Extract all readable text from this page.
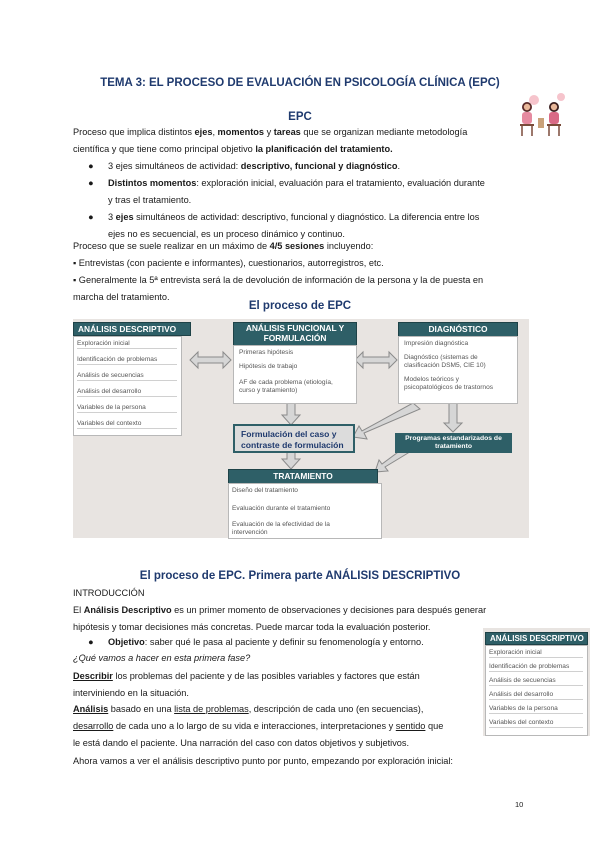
TEMA 3: EL PROCESO DE EVALUACIÓN EN PSICOLOGÍA CLÍNICA (EPC)
EPC
Proceso que implica distintos ejes, momentos y tareas que se organizan mediante metodología
científica y que tiene como principal objetivo la planificación del tratamiento.
● 3 ejes simultáneos de actividad: descriptivo, funcional y diagnóstico.
● Distintos momentos: exploración inicial, evaluación para el tratamiento, evaluación durante
y tras el tratamiento.
● 3 ejes simultáneos de actividad: descriptivo, funcional y diagnóstico. La diferencia entre los
ejes no es secuencial, es un proceso dinámico y continuo.
Proceso que se suele realizar en un máximo de 4/5 sesiones incluyendo:
▪ Entrevistas (con paciente e informantes), cuestionarios, autorregistros, etc.
▪ Generalmente la 5ª entrevista será la de devolución de información de la persona y la de puesta en
marcha del tratamiento.
El proceso de EPC
ANÁLISIS DESCRIPTIVO
Exploración inicial
Identificación de problemas
Análisis de secuencias
Análisis del desarrollo
Variables de la persona
Variables del contexto
ANÁLISIS FUNCIONAL Y
FORMULACIÓN
Primeras hipótesis
Hipótesis de trabajo
AF de cada problema (etiología,
curso y tratamiento)
DIAGNÓSTICO
Impresión diagnóstica
Diagnóstico (sistemas de
clasificación DSM5, CIE 10)
Modelos teóricos y
psicopatológicos de trastornos
Formulación del caso y
contraste de formulación
Programas estandarizados de
tratamiento
TRATAMIENTO
Diseño del tratamiento
Evaluación durante el tratamiento
Evaluación de la efectividad de la
intervención
El proceso de EPC. Primera parte ANÁLISIS DESCRIPTIVO
INTRODUCCIÓN
El Análisis Descriptivo es un primer momento de observaciones y decisiones para después generar
hipótesis y tomar decisiones más concretas. Puede marcar toda la evaluación posterior.
● Objetivo: saber qué le pasa al paciente y definir su fenomenología y entorno.
¿Qué vamos a hacer en esta primera fase?
Describir los problemas del paciente y de las posibles variables y factores que están
interviniendo en la situación.
Análisis basado en una lista de problemas, descripción de cada uno (en secuencias),
desarrollo de cada uno a lo largo de su vida e interacciones, interpretaciones y sentido que
le está dando el paciente. Una narración del caso con datos objetivos y subjetivos.
Ahora vamos a ver el análisis descriptivo punto por punto, empezando por exploración inicial:
ANÁLISIS DESCRIPTIVO
Exploración inicial
Identificación de problemas
Análisis de secuencias
Análisis del desarrollo
Variables de la persona
Variables del contexto
10
